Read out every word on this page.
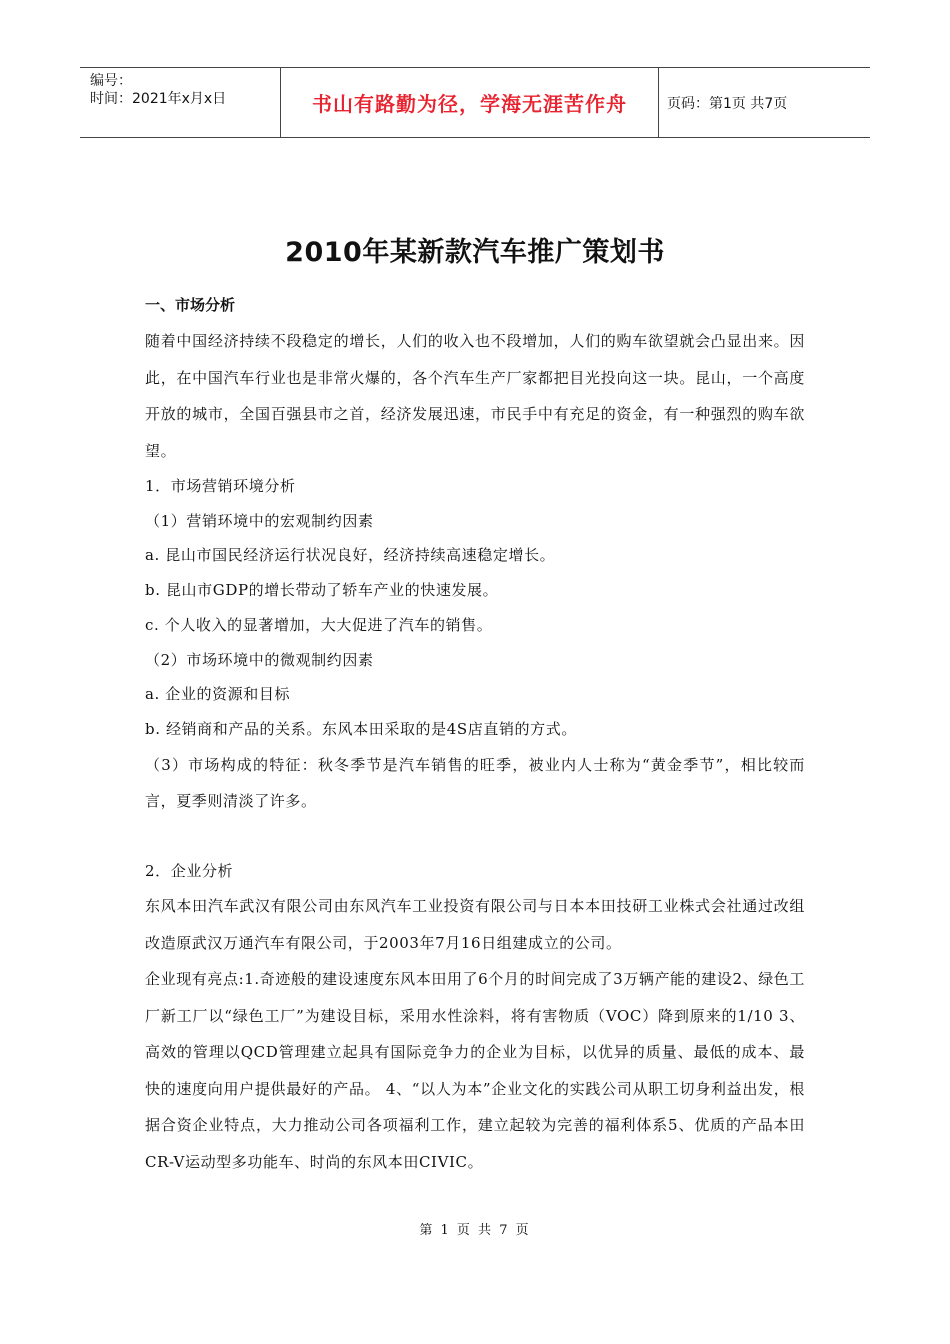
编号：
时间：2021年x月x日	书山有路勤为径，学海无涯苦作舟	页码：第1页 共7页
2010年某新款汽车推广策划书

一、市场分析

随着中国经济持续不段稳定的增长，人们的收入也不段增加，人们的购车欲望就会凸显出来。因此，在中国汽车行业也是非常火爆的，各个汽车生产厂家都把目光投向这一块。昆山，一个高度开放的城市，全国百强县市之首，经济发展迅速，市民手中有充足的资金，有一种强烈的购车欲望。

1．市场营销环境分析

（1）营销环境中的宏观制约因素

a. 昆山市国民经济运行状况良好，经济持续高速稳定增长。

b. 昆山市GDP的增长带动了轿车产业的快速发展。

c. 个人收入的显著增加，大大促进了汽车的销售。

（2）市场环境中的微观制约因素

a. 企业的资源和目标

b. 经销商和产品的关系。东风本田采取的是4S店直销的方式。

（3）市场构成的特征：秋冬季节是汽车销售的旺季，被业内人士称为“黄金季节”，相比较而言，夏季则清淡了许多。

2．企业分析

东风本田汽车武汉有限公司由东风汽车工业投资有限公司与日本本田技研工业株式会社通过改组改造原武汉万通汽车有限公司，于2003年7月16日组建成立的公司。

企业现有亮点:1.奇迹般的建设速度东风本田用了6个月的时间完成了3万辆产能的建设2、绿色工厂新工厂以“绿色工厂”为建设目标，采用水性涂料，将有害物质（VOC）降到原来的1/10 3、高效的管理以QCD管理建立起具有国际竞争力的企业为目标，以优异的质量、最低的成本、最快的速度向用户提供最好的产品。 4、“以人为本”企业文化的实践公司从职工切身利益出发，根据合资企业特点，大力推动公司各项福利工作，建立起较为完善的福利体系5、优质的产品本田CR-V运动型多功能车、时尚的东风本田CIVIC。

第 1 页 共 7 页
